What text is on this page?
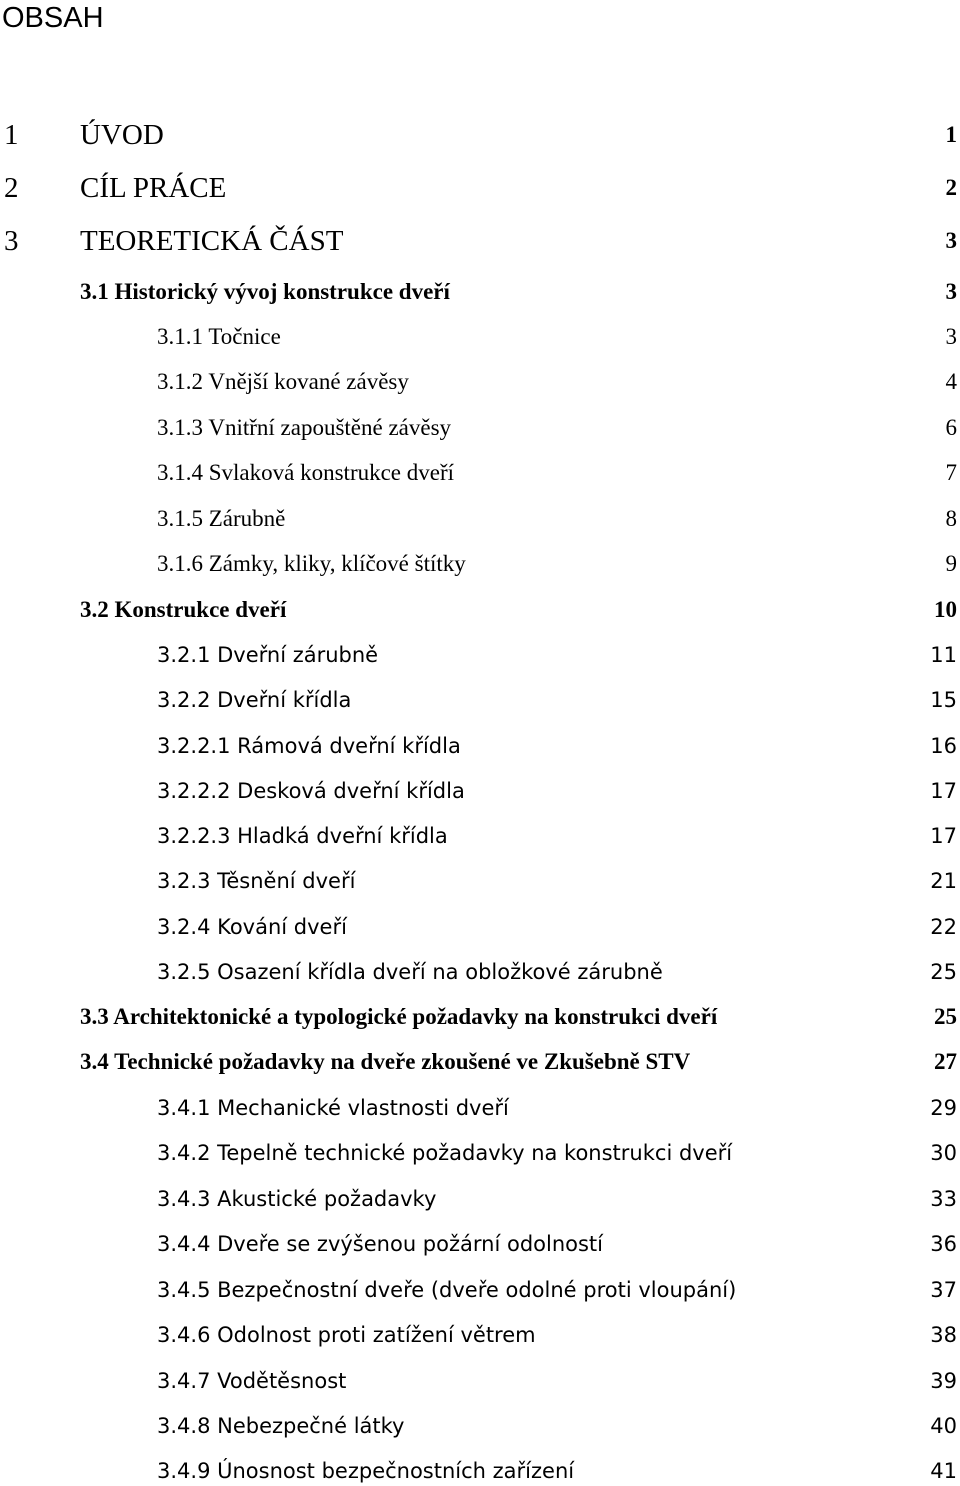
OBSAH
1 ÚVOD	1
2 CÍL PRÁCE	2
3 TEORETICKÁ ČÁST	3
3.1 Historický vývoj konstrukce dveří	3
3.1.1 Točnice	3
3.1.2 Vnější kované závěsy	4
3.1.3 Vnitřní zapouštěné závěsy	6
3.1.4 Svlaková konstrukce dveří	7
3.1.5 Zárubně	8
3.1.6 Zámky, kliky, klíčové štítky	9
3.2 Konstrukce dveří	10
3.2.1 Dveřní zárubně	11
3.2.2 Dveřní křídla	15
3.2.2.1 Rámová dveřní křídla	16
3.2.2.2 Desková dveřní křídla	17
3.2.2.3 Hladká dveřní křídla	17
3.2.3 Těsnění dveří	21
3.2.4 Kování dveří	22
3.2.5 Osazení křídla dveří na obložkové zárubně	25
3.3 Architektonické a typologické požadavky na konstrukci dveří	25
3.4 Technické požadavky na dveře zkoušené ve Zkušebně STV	27
3.4.1 Mechanické vlastnosti dveří	29
3.4.2 Tepelně technické požadavky na konstrukci dveří	30
3.4.3 Akustické požadavky	33
3.4.4 Dveře se zvýšenou požární odolností	36
3.4.5 Bezpečnostní dveře (dveře odolné proti vloupání)	37
3.4.6 Odolnost proti zatížení větrem	38
3.4.7 Vodětěsnost	39
3.4.8 Nebezpečné látky	40
3.4.9 Únosnost bezpečnostních zařízení	41
